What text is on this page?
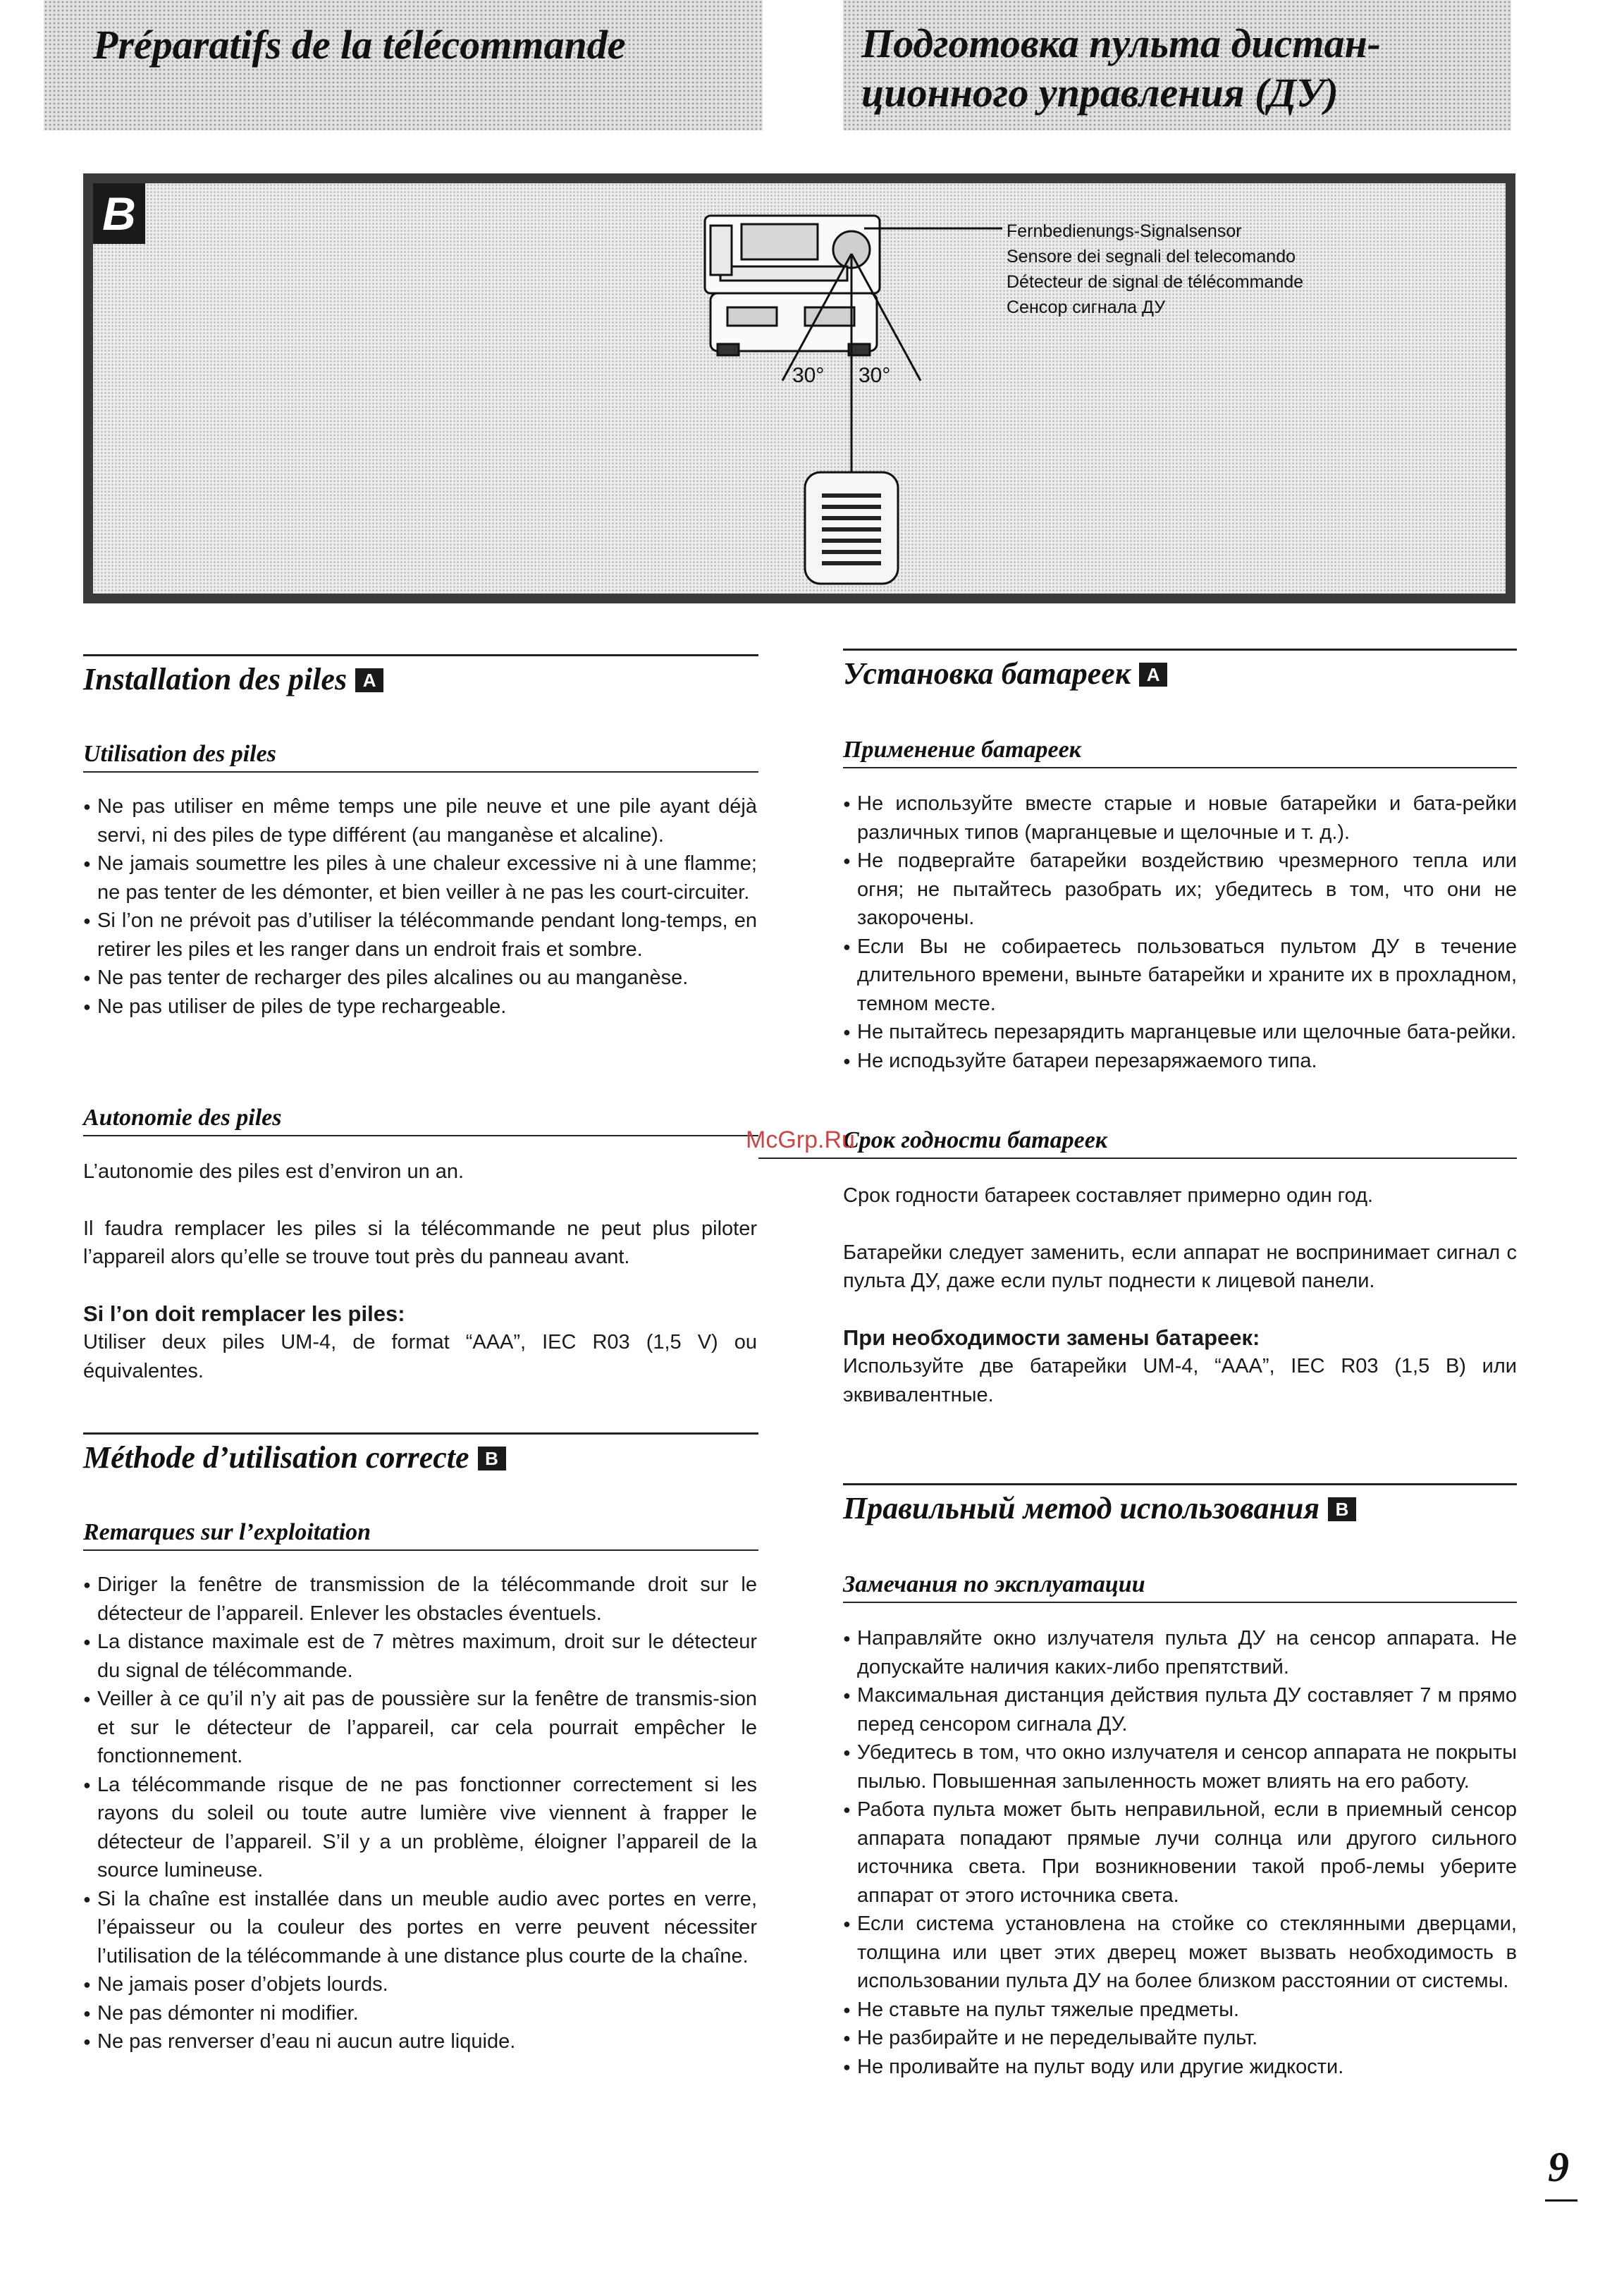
Préparatifs de la télécommande	Подготовка пульта дистан-
ционного управления (ДУ)
B	Fernbedienungs-Signalsensor
Sensore dei segnali del telecomando
Détecteur de signal de télécommande
Сенсор сигнала ДУ
30° 30°
Installation des piles A
Utilisation des piles
● Ne pas utiliser en même temps une pile neuve et une pile ayant déjà servi, ni des piles de type différent (au manganèse et alcaline).
● Ne jamais soumettre les piles à une chaleur excessive ni à une flamme; ne pas tenter de les démonter, et bien veiller à ne pas les court-circuiter.
● Si l’on ne prévoit pas d’utiliser la télécommande pendant long-temps, en retirer les piles et les ranger dans un endroit frais et sombre.
● Ne pas tenter de recharger des piles alcalines ou au manganèse.
● Ne pas utiliser de piles de type rechargeable.
Autonomie des piles

L’autonomie des piles est d’environ un an.

Il faudra remplacer les piles si la télécommande ne peut plus piloter l’appareil alors qu’elle se trouve tout près du panneau avant.

Si l’on doit remplacer les piles:

Utiliser deux piles UM-4, de format “AAA”, IEC R03 (1,5 V) ou équivalentes.

Méthode d’utilisation correcte B
Remarques sur l’exploitation
● Diriger la fenêtre de transmission de la télécommande droit sur le détecteur de l’appareil. Enlever les obstacles éventuels.
● La distance maximale est de 7 mètres maximum, droit sur le détecteur du signal de télécommande.
● Veiller à ce qu’il n’y ait pas de poussière sur la fenêtre de transmis-sion et sur le détecteur de l’appareil, car cela pourrait empêcher le fonctionnement.
● La télécommande risque de ne pas fonctionner correctement si les rayons du soleil ou toute autre lumière vive viennent à frapper le détecteur de l’appareil. S’il y a un problème, éloigner l’appareil de la source lumineuse.
● Si la chaîne est installée dans un meuble audio avec portes en verre, l’épaisseur ou la couleur des portes en verre peuvent nécessiter l’utilisation de la télécommande à une distance plus courte de la chaîne.
● Ne jamais poser d’objets lourds.
● Ne pas démonter ni modifier.
● Ne pas renverser d’eau ni aucun autre liquide.
Установка батареек A
Применение батареек
● Не используйте вместе старые и новые батарейки и бата-рейки различных типов (марганцевые и щелочные и т. д.).
● Не подвергайте батарейки воздействию чрезмерного тепла или огня; не пытайтесь разобрать их; убедитесь в том, что они не закорочены.
● Если Вы не собираетесь пользоваться пультом ДУ в течение длительного времени, выньте батарейки и храните их в прохладном, темном месте.
● Не пытайтесь перезарядить марганцевые или щелочные бата-рейки.
● Не иcподьзуйте батареи перезаряжаемого типа.
Срок годности батареек

Срок годности батареек составляет примерно один год.

Батарейки следует заменить, если аппарат не воспринимает сигнал с пульта ДУ, даже если пульт поднести к лицевой панели.

При необходимости замены батареек:

Используйте две батарейки UM-4, “AAA”, IEC R03 (1,5 В) или эквивалентные.

Правильный метод использования B
Замечания по эксплуатации
● Направляйте окно излучателя пульта ДУ на сенсор аппарата. Не допускайте наличия каких-либо препятствий.
● Максимальная дистанция действия пульта ДУ составляет 7 м прямо перед сенсором сигнала ДУ.
● Убедитесь в том, что окно излучателя и сенсор аппарата не покрыты пылью. Повышенная запыленность может влиять на его работу.
● Работа пульта может быть неправильной, если в приемный сенсор аппарата попадают прямые лучи солнца или другого сильного источника света. При возникновении такой проб-лемы уберите аппарат от этого источника света.
● Если система установлена на стойке со стеклянными дверцами, толщина или цвет этих дверец может вызвать необходимость в использовании пульта ДУ на более близком расстоянии от системы.
● Не ставьте на пульт тяжелые предметы.
● Не разбирайте и не переделывайте пульт.
● Не проливайте на пульт воду или другие жидкости.
McGrp.Ru
9
